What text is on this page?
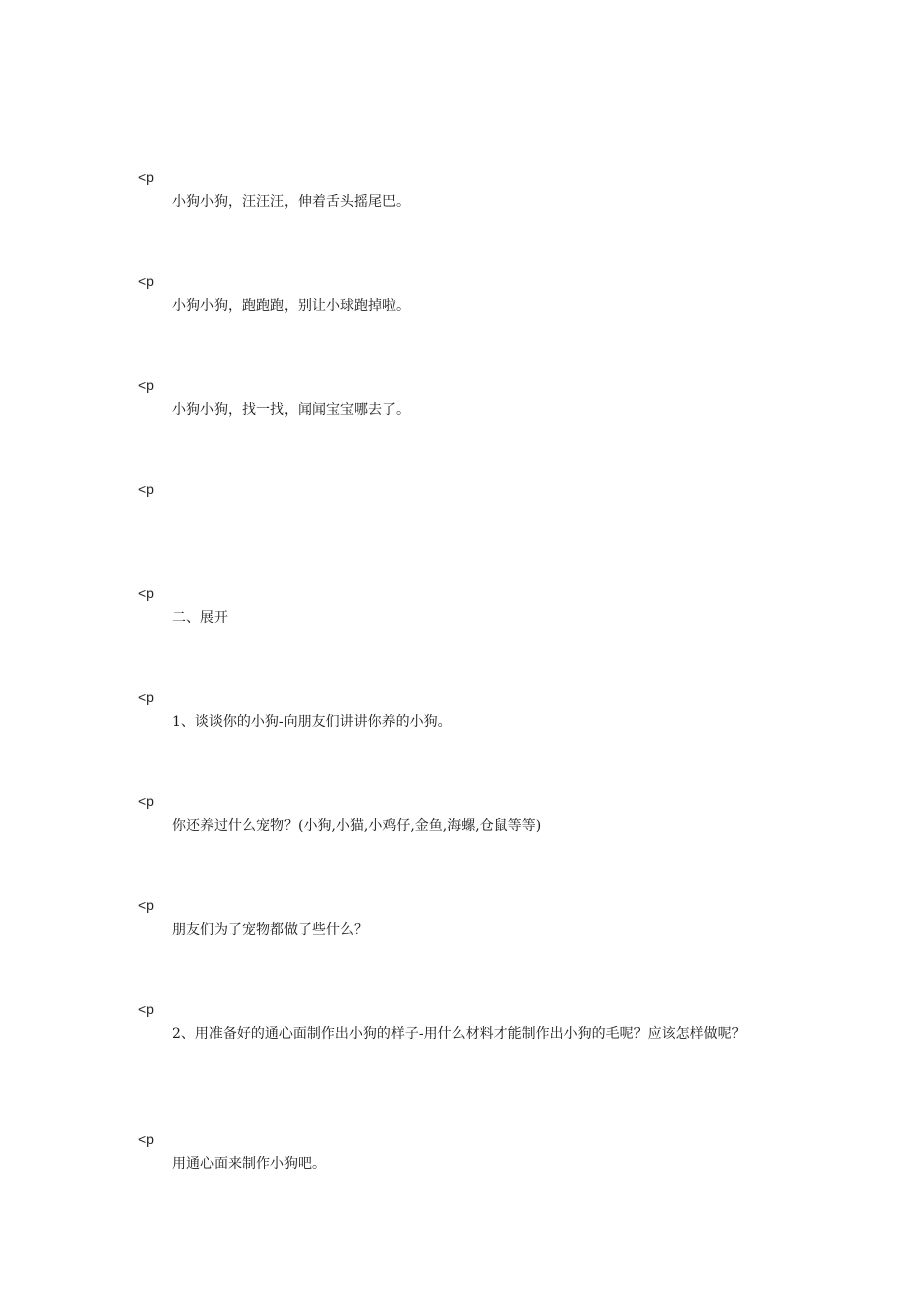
<p
小狗小狗，汪汪汪，伸着舌头摇尾巴。
<p
小狗小狗，跑跑跑，别让小球跑掉啦。
<p
小狗小狗，找一找，闻闻宝宝哪去了。
<p
<p
二、展开
<p
1、谈谈你的小狗-向朋友们讲讲你养的小狗。
<p
你还养过什么宠物？(小狗,小猫,小鸡仔,金鱼,海螺,仓鼠等等)
<p
朋友们为了宠物都做了些什么？
<p
2、用准备好的通心面制作出小狗的样子-用什么材料才能制作出小狗的毛呢？应该怎样做呢？
<p
用通心面来制作小狗吧。
